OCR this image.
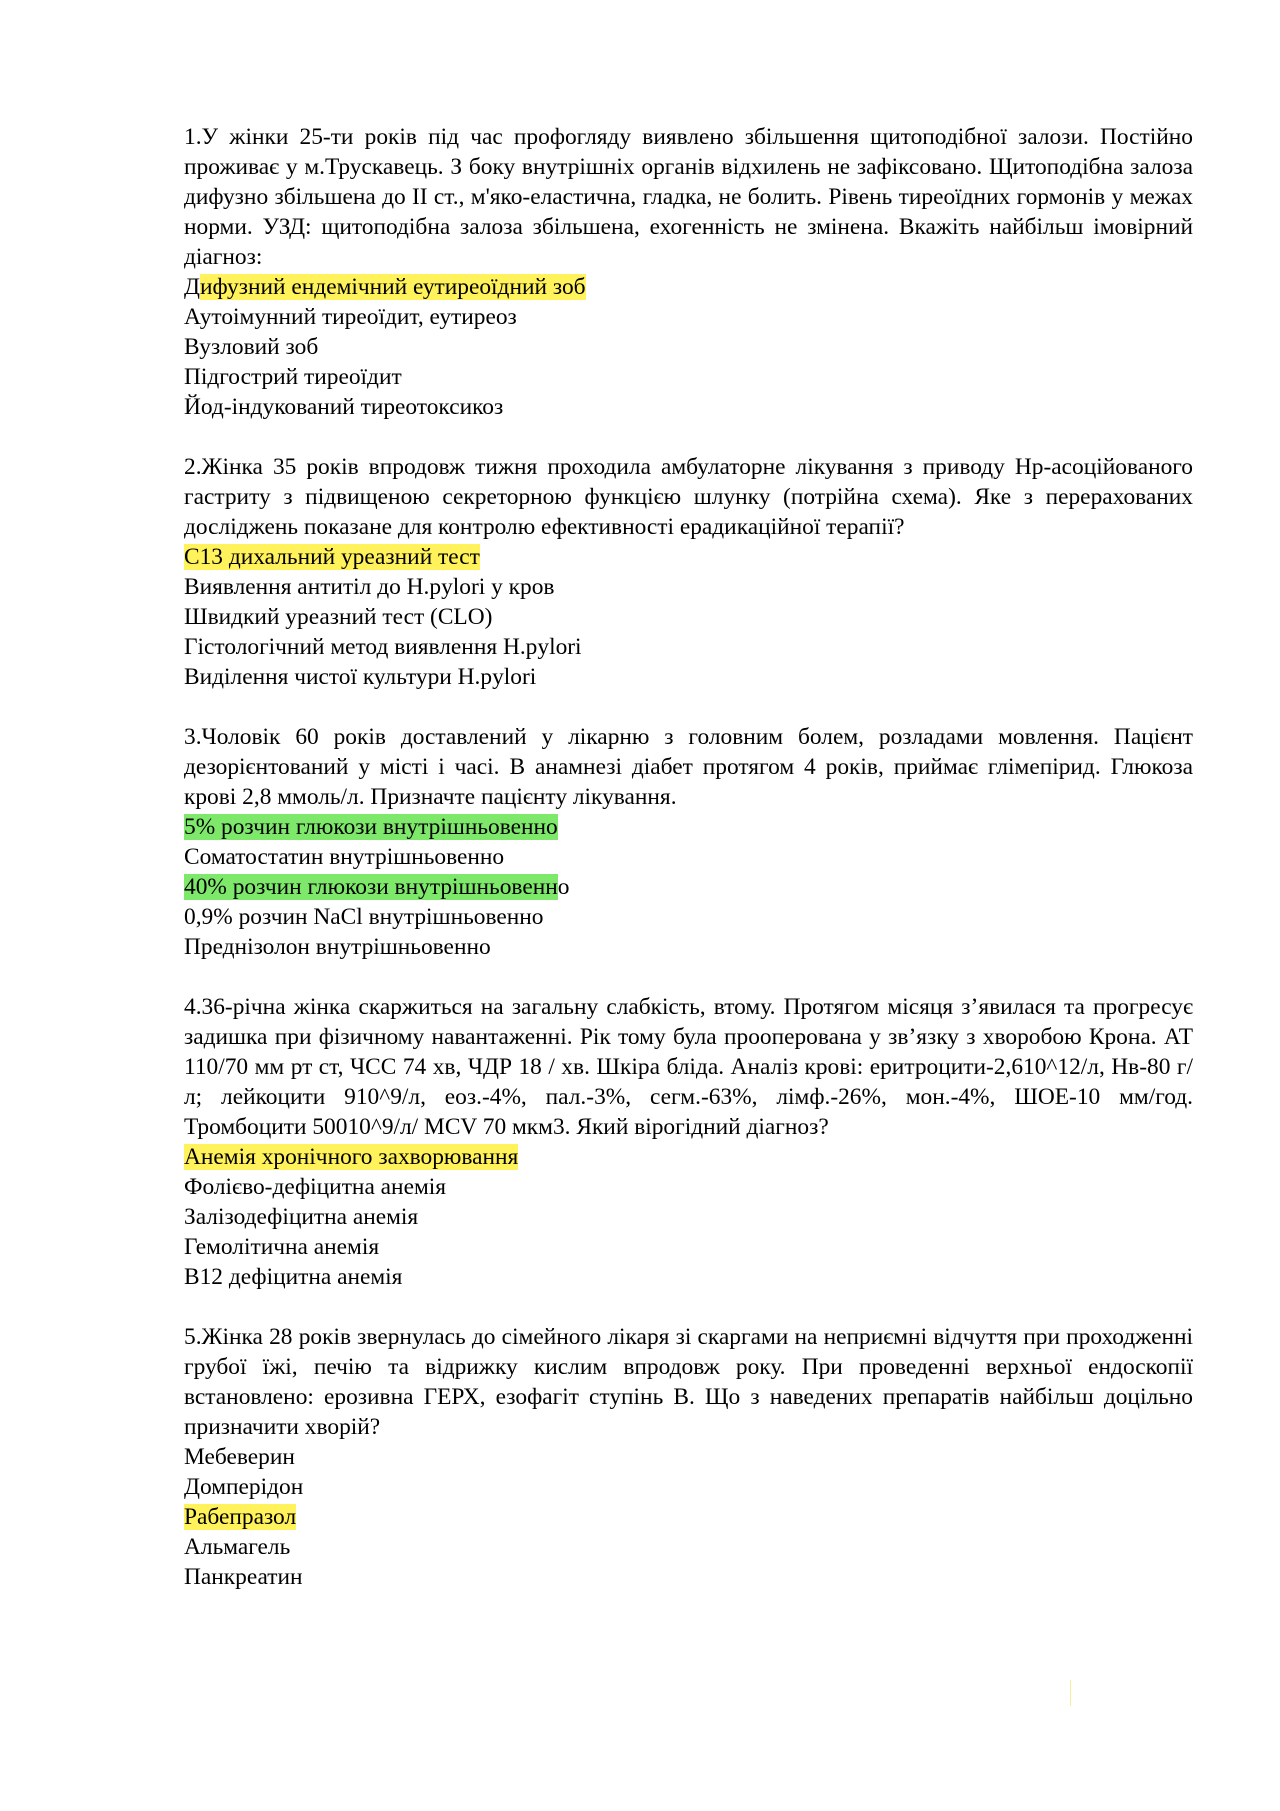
1.У жінки 25-ти років під час профогляду виявлено збільшення щитоподібної залози. Постійно проживає у м.Трускавець. З боку внутрішніх органів відхилень не зафіксовано. Щитоподібна залоза дифузно збільшена до II ст., м'яко-еластична, гладка, не болить. Рівень тиреоїдних гормонів у межах норми. УЗД: щитоподібна залоза збільшена, ехогенність не змінена. Вкажіть найбільш імовірний діагноз:

Дифузний ендемічний еутиреоїдний зоб

Аутоімунний тиреоїдит, еутиреоз

Вузловий зоб

Підгострий тиреоїдит

Йод-індукований тиреотоксикоз

2.Жінка 35 років впродовж тижня проходила амбулаторне лікування з приводу Hp-асоційованого гастриту з підвищеною секреторною функцією шлунку (потрійна схема). Яке з перерахованих досліджень показане для контролю ефективності ерадикаційної терапії?

С13 дихальний уреазний тест

Виявлення антитіл до H.pylori у кров

Швидкий уреазний тест (CLO)

Гістологічний метод виявлення H.pylori

Виділення чистої культури H.pylori

3.Чоловік 60 років доставлений у лікарню з головним болем, розладами мовлення. Пацієнт дезорієнтований у місті і часі. В анамнезі діабет протягом 4 років, приймає глімепірид. Глюкоза крові 2,8 ммоль/л. Призначте пацієнту лікування.

5% розчин глюкози внутрішньовенно

Соматостатин внутрішньовенно

40% розчин глюкози внутрішньовенно

0,9% розчин NaCl внутрішньовенно

Преднізолон внутрішньовенно

4.36-річна жінка скаржиться на загальну слабкість, втому. Протягом місяця з’явилася та прогресує задишка при фізичному навантаженні. Рік тому була прооперована у зв’язку з хворобою Крона. АТ 110/70 мм рт ст, ЧСС 74 хв, ЧДР 18 / хв. Шкіра бліда. Аналіз крові: еритроцити-2,610^12/л, Нв-80 г/л; лейкоцити 910^9/л, еоз.-4%, пал.-3%, сегм.-63%, лімф.-26%, мон.-4%, ШОЕ-10 мм/год. Тромбоцити 50010^9/л/ MCV 70 мкм3. Який вірогідний діагноз?

Анемія хронічного захворювання

Фолієво-дефіцитна анемія

Залізодефіцитна анемія

Гемолітична анемія

В12 дефіцитна анемія

5.Жінка 28 років звернулась до сімейного лікаря зі скаргами на неприємні відчуття при проходженні грубої їжі, печію та відрижку кислим впродовж року. При проведенні верхньої ендоскопії встановлено: ерозивна ГЕРХ, езофагіт ступінь В. Що з наведених препаратів найбільш доцільно призначити хворій?

Мебеверин

Домперідон

Рабепразол

Альмагель

Панкреатин
